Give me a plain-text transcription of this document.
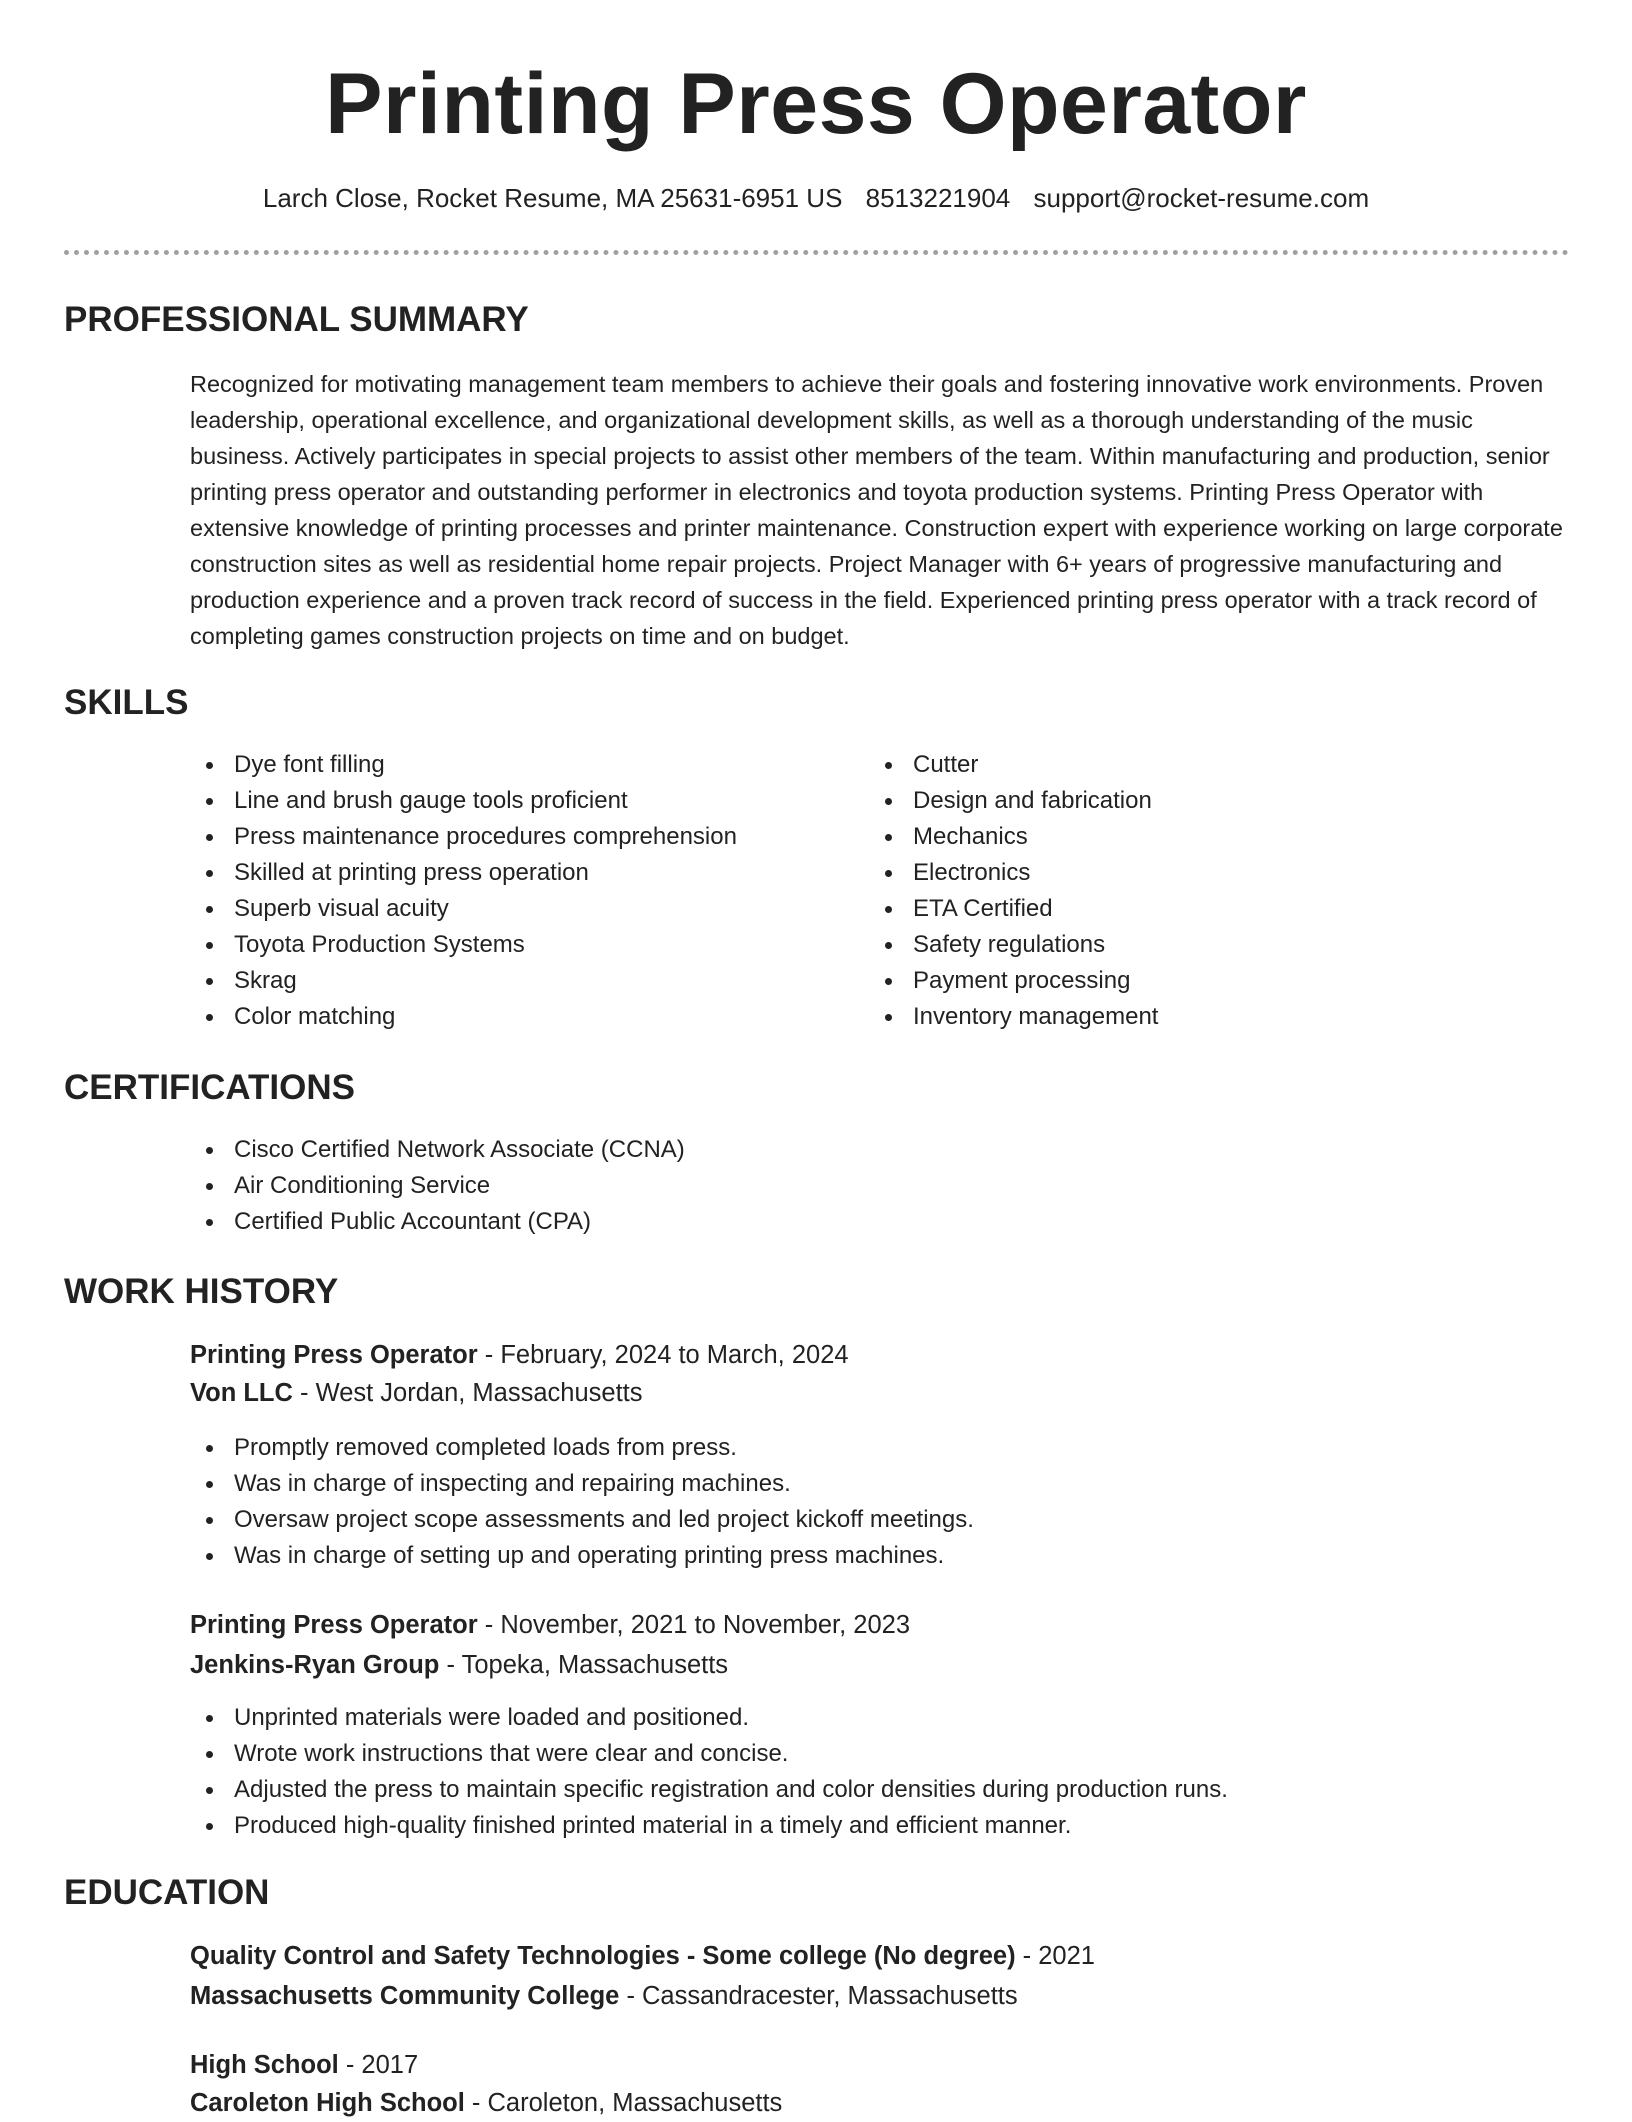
Printing Press Operator
Larch Close, Rocket Resume, MA 25631-6951 US 8513221904 support@rocket-resume.com
PROFESSIONAL SUMMARY

Recognized for motivating management team members to achieve their goals and fostering innovative work environments. Proven leadership, operational excellence, and organizational development skills, as well as a thorough understanding of the music business. Actively participates in special projects to assist other members of the team. Within manufacturing and production, senior printing press operator and outstanding performer in electronics and toyota production systems. Printing Press Operator with extensive knowledge of printing processes and printer maintenance. Construction expert with experience working on large corporate construction sites as well as residential home repair projects. Project Manager with 6+ years of progressive manufacturing and production experience and a proven track record of success in the field. Experienced printing press operator with a track record of completing games construction projects on time and on budget.

SKILLS
Dye font filling
Line and brush gauge tools proficient
Press maintenance procedures comprehension
Skilled at printing press operation
Superb visual acuity
Toyota Production Systems
Skrag
Color matching
Cutter
Design and fabrication
Mechanics
Electronics
ETA Certified
Safety regulations
Payment processing
Inventory management
CERTIFICATIONS
Cisco Certified Network Associate (CCNA)
Air Conditioning Service
Certified Public Accountant (CPA)
WORK HISTORY
Printing Press Operator - February, 2024 to March, 2024
Von LLC - West Jordan, Massachusetts
Promptly removed completed loads from press.
Was in charge of inspecting and repairing machines.
Oversaw project scope assessments and led project kickoff meetings.
Was in charge of setting up and operating printing press machines.
Printing Press Operator - November, 2021 to November, 2023
Jenkins-Ryan Group - Topeka, Massachusetts
Unprinted materials were loaded and positioned.
Wrote work instructions that were clear and concise.
Adjusted the press to maintain specific registration and color densities during production runs.
Produced high-quality finished printed material in a timely and efficient manner.
EDUCATION
Quality Control and Safety Technologies - Some college (No degree) - 2021
Massachusetts Community College - Cassandracester, Massachusetts
High School - 2017
Caroleton High School - Caroleton, Massachusetts
